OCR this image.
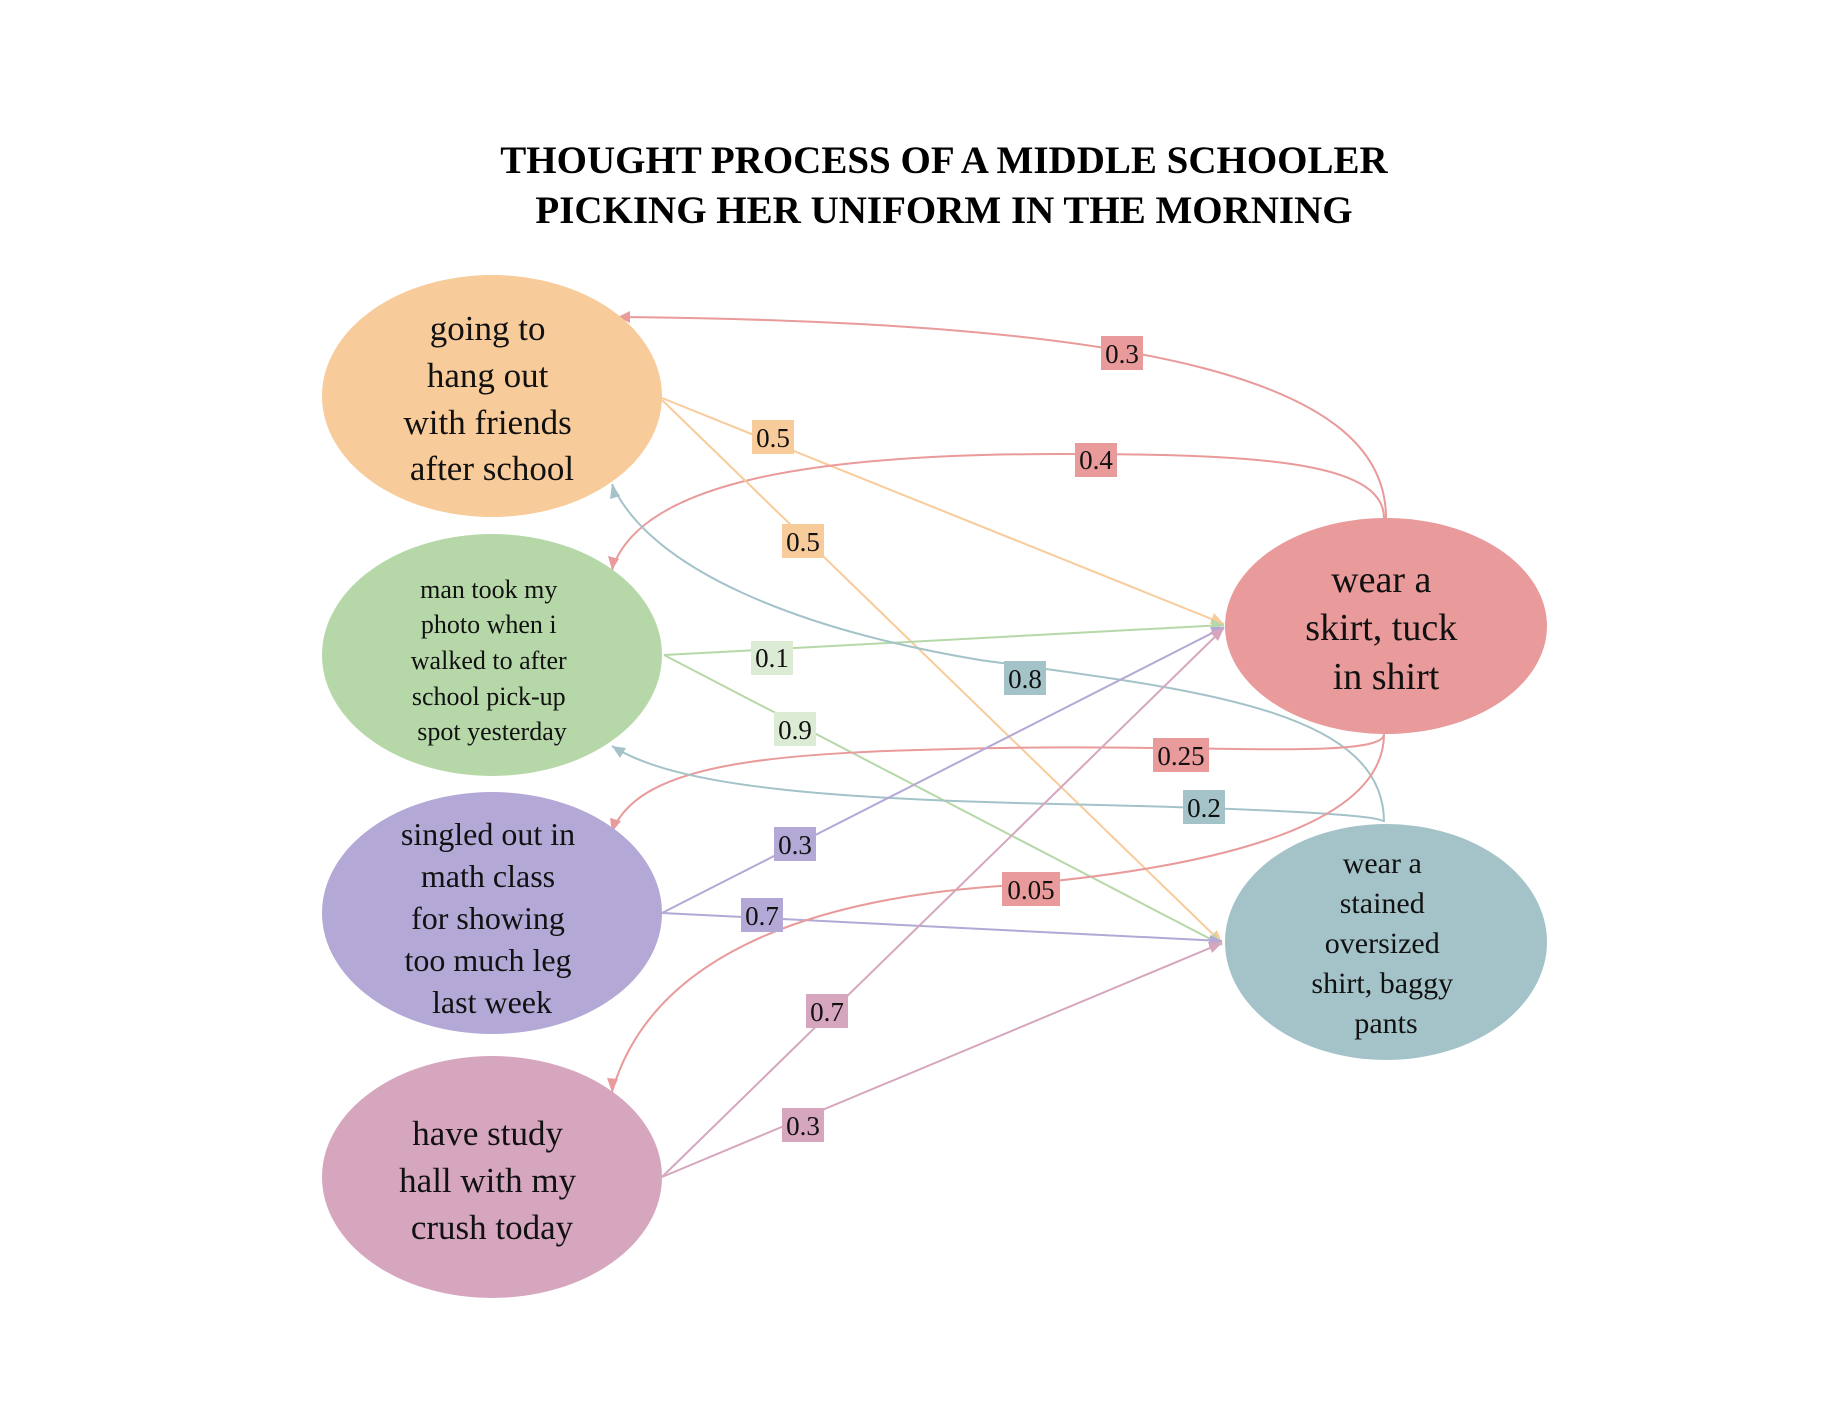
THOUGHT PROCESS OF A MIDDLE SCHOOLER
PICKING HER UNIFORM IN THE MORNING
going to hang out with friends after school
man took my photo when i walked to after school pick-up spot yesterday
singled out in math class for showing too much leg last week
have study hall with my crush today
wear a skirt, tuck in shirt
wear a stained oversized shirt, baggy pants
0.3
0.5
0.4
0.5
0.1
0.8
0.9
0.25
0.2
0.3
0.7
0.05
0.7
0.3
